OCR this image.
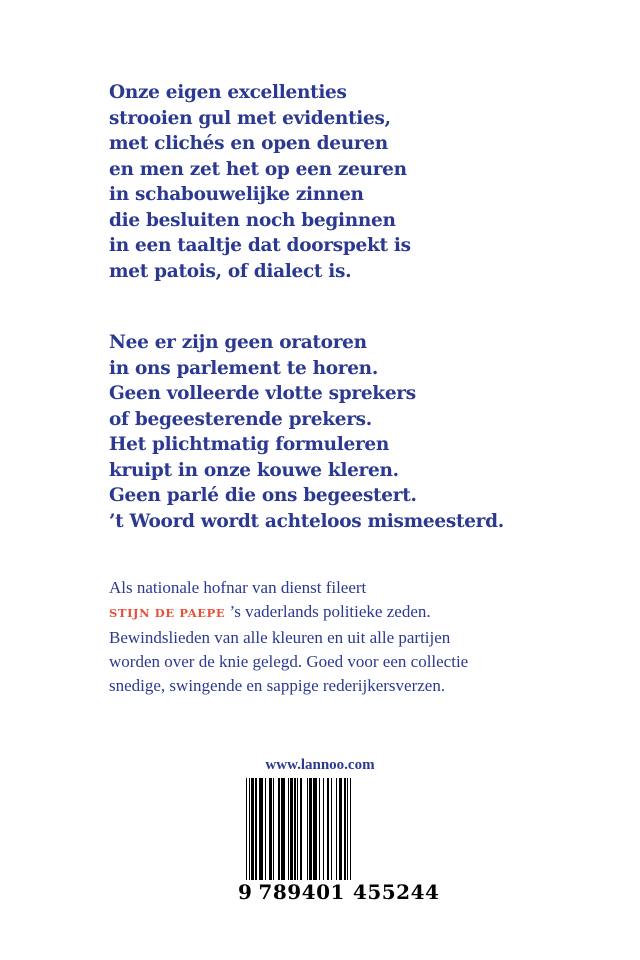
Onze eigen excellenties
strooien gul met evidenties,
met clichés en open deuren
en men zet het op een zeuren
in schabouwelijke zinnen
die besluiten noch beginnen
in een taaltje dat doorspekt is
met patois, of dialect is.
Nee er zijn geen oratoren
in ons parlement te horen.
Geen volleerde vlotte sprekers
of begeesterende prekers.
Het plichtmatig formuleren
kruipt in onze kouwe kleren.
Geen parlé die ons begeestert.
’t Woord wordt achteloos mismeesterd.
Als nationale hofnar van dienst fileert
STIJN DE PAEPE ’s vaderlands politieke zeden.
Bewindslieden van alle kleuren en uit alle partijen
worden over de knie gelegd. Goed voor een collectie
snedige, swingende en sappige rederijkersverzen.
www.lannoo.com
9 789401 455244
